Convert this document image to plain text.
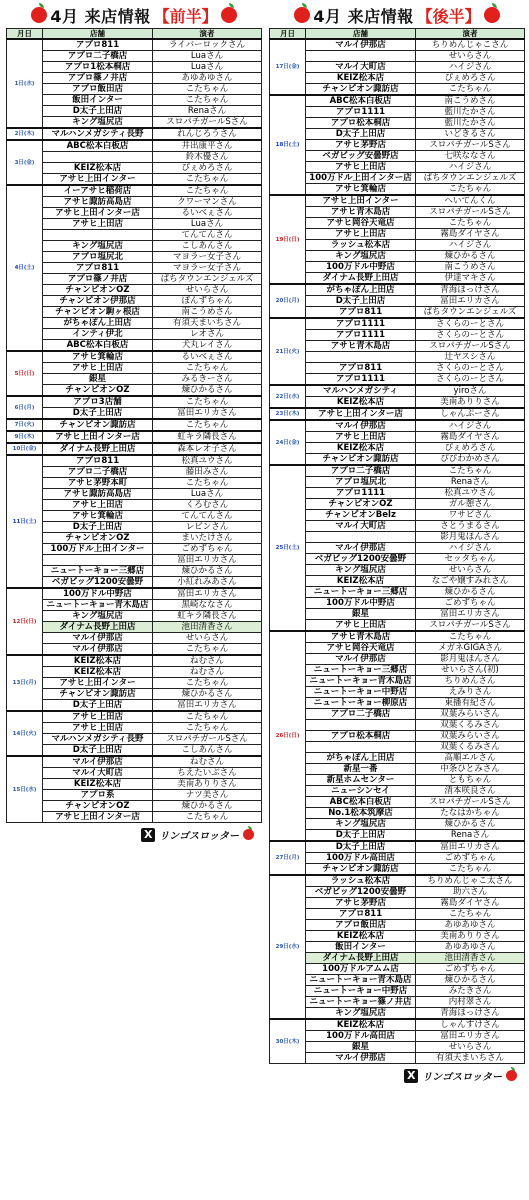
4月 来店情報 【前半】
月日	店舗	演者
1日(水)	アプロ811	ライバーロックさん
	アプロ二子橋店	Luaさん
	アプロ1松本桐店	Luaさん
	アプロ篠ノ井店	あゆあゆさん
	アプロ飯田店	こたちゃん
	飯田インター	こたちゃん
	D太子上田店	Renaさん
	キング塩尻店	スロパチガールSさん
2日(木)	マルハンメガシティ長野	れんじろうさん
3日(金)	ABC松本白板店	井出康平さん
		鈴木優さん
	KEIZ松本店	ぴぇめろさん
	アサヒ上田インター	こたちゃん
4日(土)	イーアサヒ稲荷店	こたちゃん
	アサヒ諏訪高島店	クワーマンさん
	アサヒ上田インター店	るいべぇさん
	アサヒ上田店	Luaさん
		てんてんさん
	キング塩尻店	こしあんさん
	アプロ塩尻北	マヨラー女子さん
	アプロ811	マヨラー女子さん
	アプロ篠ノ井店	ぱちタウンエンジェルズ
	チャンピオンOZ	せいらさん
	チャンピオン伊那店	ぽんずちゃん
	チャンピオン駒ヶ根店	南こうめさん
	がちゃぽん上田店	有須天まいちさん
	インティ伊北	レオさん
	ABC松本白板店	犬丸レイさん
5日(日)	アサヒ箕輪店	るいべぇさん
	アサヒ上田店	こたちゃん
	銀星	みるきーさん
	チャンピオンOZ	煉ひかるさん
6日(月)	アプロ3店舗	こたちゃん
	D太子上田店	冨田エリカさん
7日(火)	チャンピオン諏訪店	こたちゃん
9日(木)	アサヒ上田インター店	虹キラ隣長さん
10日(金)	ダイナム長野上田店	森本レオ子さん
11日(土)	アプロ811	松真ユウさん
	アプロ二子橋店	藤田みさん
	アサヒ茅野本町	こたちゃん
	アサヒ諏訪高島店	Luaさん
	アサヒ上田店	くろむさん
	アサヒ箕輪店	てんてんさん
	D太子上田店	レビンさん
	チャンピオンOZ	まいたけさん
	100万ドル上田インター	ごめずちゃん
		冨田エリカさん
	ニュートーキョー三郷店	煉ひかるさん
	ベガビッグ1200安曇野	小紅れみあさん
12日(日)	100万ドル中野店	冨田エリカさん
	ニュートーキョー青木島店	黒崎ななさん
	キング塩尻店	虹キラ隣長さん
	ダイナム長野上田店	池田清香さん
	マルイ伊那店	せいらさん
	マルイ伊那店	こたちゃん
13日(月)	KEIZ松本店	ねむさん
	KEIZ松本店	ねむさん
	アサヒ上田インター	こたちゃん
	チャンピオン諏訪店	煉ひかるさん
	D太子上田店	冨田エリカさん
14日(火)	アサヒ上田店	こたちゃん
	アサヒ上田店	こたちゃん
	マルハンメガシティ長野	スロパチガールSさん
	D太子上田店	こしあんさん
15日(水)	マルイ伊那店	ねむさん
	マルイ大町店	ちえたいぶさん
	KEIZ松本店	美南ありりさん
	アプロ系	ナツ美さん
	チャンピオンOZ	煉ひかるさん
	アサヒ上田インター店	こたちゃん
X リンゴスロッター
4月 来店情報 【後半】
月日	店舗	演者
17日(金)	マルイ伊那店	ちりめんじゃこさん
		せいらさん
	マルイ大町店	ハイジさん
	KEIZ松本店	ぴぇめろさん
	チャンピオン諏訪店	こたちゃん
18日(土)	ABC松本白板店	南こうめさん
	アプロ1111	藍川たかさん
	アプロ松本桐店	藍川たかさん
	D太子上田店	いどきるさん
	アサヒ茅野店	スロパチガールSさん
	ベガビッグ安曇野店	七咲ななさん
	アサヒ上田店	ハイジさん
	100万ドル上田インター店	ぱちタウンエンジェルズ
	アサヒ箕輪店	こたちゃん
19日(日)	アサヒ上田インター	へいてんくん
	アサヒ青木島店	スロパチガールSさん
	アサヒ岡谷天竜店	こたちゃん
	アサヒ上田店	霧島ダイヤさん
	ラッシュ松本店	ハイジさん
	キング塩尻店	煉ひかるさん
	100万ドル中野店	南こうめさん
	ダイナム長野上田店	伊達マキさん
20日(月)	がちゃぽん上田店	青海ほっけさん
	D太子上田店	冨田エリカさん
	アプロ811	ぱちタウンエンジェルズ
21日(火)	アプロ1111	さくらのーとさん
	アプロ1111	さくらのーとさん
	アサヒ青木島店	スロパチガールSさん
		辻ヤスシさん
	アプロ811	さくらのーとさん
	アプロ1111	さくらのーとさん
22日(水)	マルハンメガシティ	yiroさん
	KEIZ松本店	美南ありりさん
23日(木)	アサヒ上田インター店	しゃんぷーさん
24日(金)	マルイ伊那店	ハイジさん
	アサヒ上田店	霧島ダイヤさん
	KEIZ松本店	ぴぇめろさん
	チャンピオン諏訪店	ぴぴわかめさん
25日(土)	アプロ二子橋店	こたちゃん
	アプロ塩尻北	Renaさん
	アプロ1111	松真ユウさん
	チャンピオンOZ	ガル憩さん
	チャンピオンBelz	ワサビさん
	マルイ大町店	さとうまるさん
		影月鬼ほんさん
	マルイ伊那店	ハイジさん
	ベガビッグ1200安曇野	セッタちゃん
	キング塩尻店	せいらさん
	KEIZ松本店	なごや嬢すみれさん
	ニュートーキョー三郷店	煉ひかるさん
	100万ドル中野店	ごめずちゃん
	銀星	冨田エリカさん
	アサヒ上田店	スロパチガールSさん
26日(日)	アサヒ青木島店	こたちゃん
	アサヒ岡谷天竜店	メガネGIGAさん
	マルイ伊那店	影月鬼ほんさん
	ニュートーキョー三郷店	せいらさん(初)
	ニュートーキョー青木島店	ちりめんさん
	ニュートーキョー中野店	えみりさん
	ニュートーキョー柳原店	東播有紀さん
	アプロ二子橋店	双葉みらいさん
		双葉くるみさん
	アプロ松本桐店	双葉みらいさん
		双葉くるみさん
	がちゃぽん上田店	高順エルさん
	新星一番	中条ひとみさん
	新星ホムセンター	ともちゃん
	ニューシンセイ	清本咲良さん
	ABC松本白板店	スロパチガールSさん
	No.1松本筑摩店	たなはかちゃん
	キング塩尻店	煉ひかるさん
	D太子上田店	Renaさん
27日(月)	D太子上田店	冨田エリカさん
	100万ドル高田店	ごめずちゃん
	チャンピオン諏訪店	こたちゃん
29日(水)	ラッシュ松本店	ちりめんじゃこ太さん
	ベガビッグ1200安曇野	助六さん
	アサヒ茅野店	霧島ダイヤさん
	アプロ811	こたちゃん
	アプロ飯田店	あゆあゆさん
	KEIZ松本店	美南ありりさん
	飯田インター	あゆあゆさん
	ダイナム長野上田店	池田清香さん
	100万ドルアムム店	ごめずちゃん
	ニュートーキョー青木島店	煉ひかるさん
	ニュートーキョー中野店	みたきさん
	ニュートーキョー篠ノ井店	内村翠さん
	キング塩尻店	青海ほっけさん
30日(木)	KEIZ松本店	しゃんすけさん
	100万ドル高田店	冨田エリカさん
	銀星	せいらさん
	マルイ伊那店	有須天まいちさん
X リンゴスロッター
